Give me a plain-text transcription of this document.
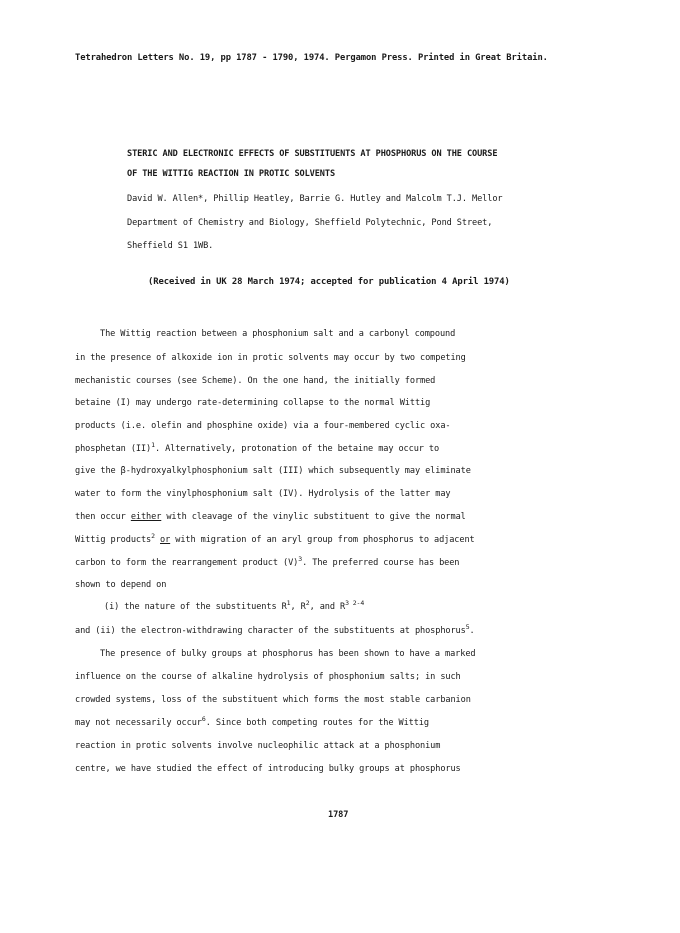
Tetrahedron Letters No. 19, pp 1787 - 1790, 1974. Pergamon Press. Printed in Great Britain.
STERIC AND ELECTRONIC EFFECTS OF SUBSTITUENTS AT PHOSPHORUS ON THE COURSE
OF THE WITTIG REACTION IN PROTIC SOLVENTS
David W. Allen*, Phillip Heatley, Barrie G. Hutley and Malcolm T.J. Mellor
Department of Chemistry and Biology, Sheffield Polytechnic, Pond Street,
Sheffield S1 1WB.
(Received in UK 28 March 1974; accepted for publication 4 April 1974)
The Wittig reaction between a phosphonium salt and a carbonyl compound
in the presence of alkoxide ion in protic solvents may occur by two competing
mechanistic courses (see Scheme). On the one hand, the initially formed
betaine (I) may undergo rate-determining collapse to the normal Wittig
products (i.e. olefin and phosphine oxide) via a four-membered cyclic oxa-
phosphetan (II)$^1$. Alternatively, protonation of the betaine may occur to
give the β-hydroxyalkylphosphonium salt (III) which subsequently may eliminate
water to form the vinylphosphonium salt (IV). Hydrolysis of the latter may
then occur either with cleavage of the vinylic substituent to give the normal
Wittig products$^2$ or with migration of an aryl group from phosphorus to adjacent
carbon to form the rearrangement product $(V)^3$. The preferred course has been
shown to depend on
(i) the nature of the substituents $R^1$, $R^2$, and $R^{3 2-4}$
and (ii) the electron-withdrawing character of the substituents at phosphorus$^5$.
The presence of bulky groups at phosphorus has been shown to have a marked
influence on the course of alkaline hydrolysis of phosphonium salts; in such
crowded systems, loss of the substituent which forms the most stable carbanion
may not necessarily occur$^6$. Since both competing routes for the Wittig
reaction in protic solvents involve nucleophilic attack at a phosphonium
centre, we have studied the effect of introducing bulky groups at phosphorus
1787
